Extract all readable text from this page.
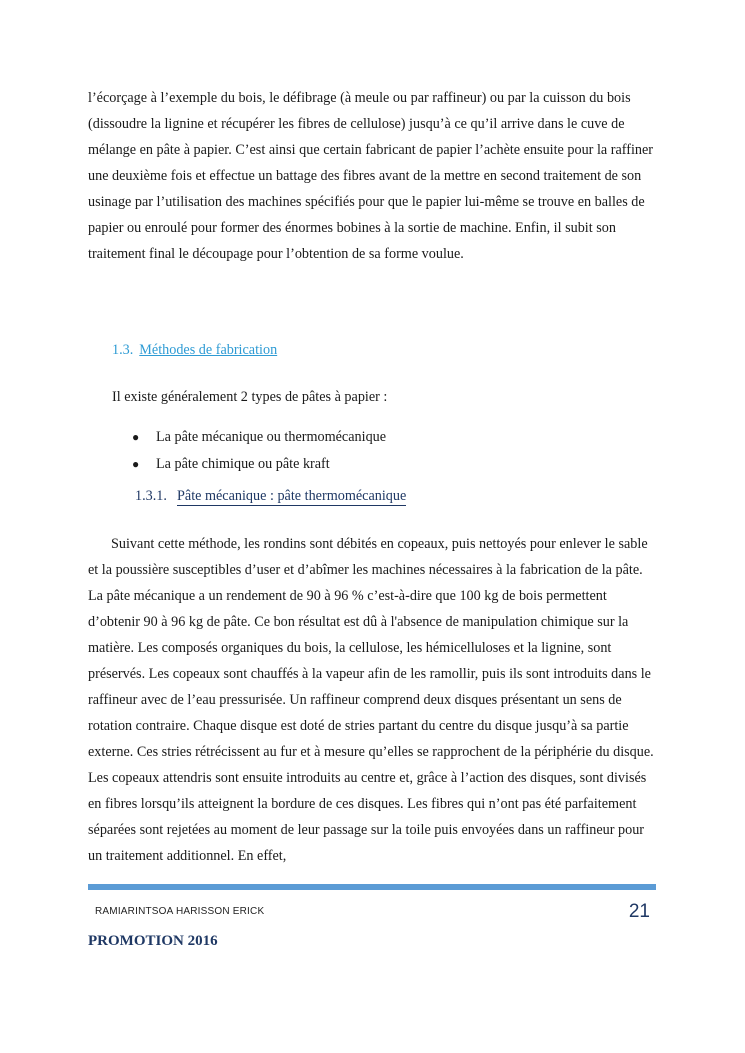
l’écorçage à l’exemple du bois, le défibrage (à meule ou par raffineur) ou par la cuisson du bois (dissoudre la lignine et récupérer les fibres de cellulose) jusqu’à ce qu’il arrive dans le cuve de mélange en pâte à papier. C’est ainsi que certain fabricant de papier l’achète ensuite pour la raffiner une deuxième fois et effectue un battage des fibres avant de la mettre en second traitement de son usinage par l’utilisation des machines spécifiés pour que le papier lui-même se trouve en balles de papier ou enroulé pour former des énormes bobines à la sortie de machine. Enfin, il subit son traitement final le découpage pour l’obtention de sa forme voulue.

1.3. Méthodes de fabrication

Il existe généralement 2 types de pâtes à papier :

● La pâte mécanique ou thermomécanique
● La pâte chimique ou pâte kraft

1.3.1. Pâte mécanique : pâte thermomécanique

Suivant cette méthode, les rondins sont débités en copeaux, puis nettoyés pour enlever le sable et la poussière susceptibles d’user et d’abîmer les machines nécessaires à la fabrication de la pâte. La pâte mécanique a un rendement de 90 à 96 % c’est-à-dire que 100 kg de bois permettent d’obtenir 90 à 96 kg de pâte. Ce bon résultat est dû à l'absence de manipulation chimique sur la matière. Les composés organiques du bois, la cellulose, les hémicelluloses et la lignine, sont préservés. Les copeaux sont chauffés à la vapeur afin de les ramollir, puis ils sont introduits dans le raffineur avec de l’eau pressurisée. Un raffineur comprend deux disques présentant un sens de rotation contraire. Chaque disque est doté de stries partant du centre du disque jusqu’à sa partie externe. Ces stries rétrécissent au fur et à mesure qu’elles se rapprochent de la périphérie du disque. Les copeaux attendris sont ensuite introduits au centre et, grâce à l’action des disques, sont divisés en fibres lorsqu’ils atteignent la bordure de ces disques. Les fibres qui n’ont pas été parfaitement séparées sont rejetées au moment de leur passage sur la toile puis envoyées dans un raffineur pour un traitement additionnel. En effet,

RAMIARINTSOA HARISSON ERICK	21

PROMOTION 2016
